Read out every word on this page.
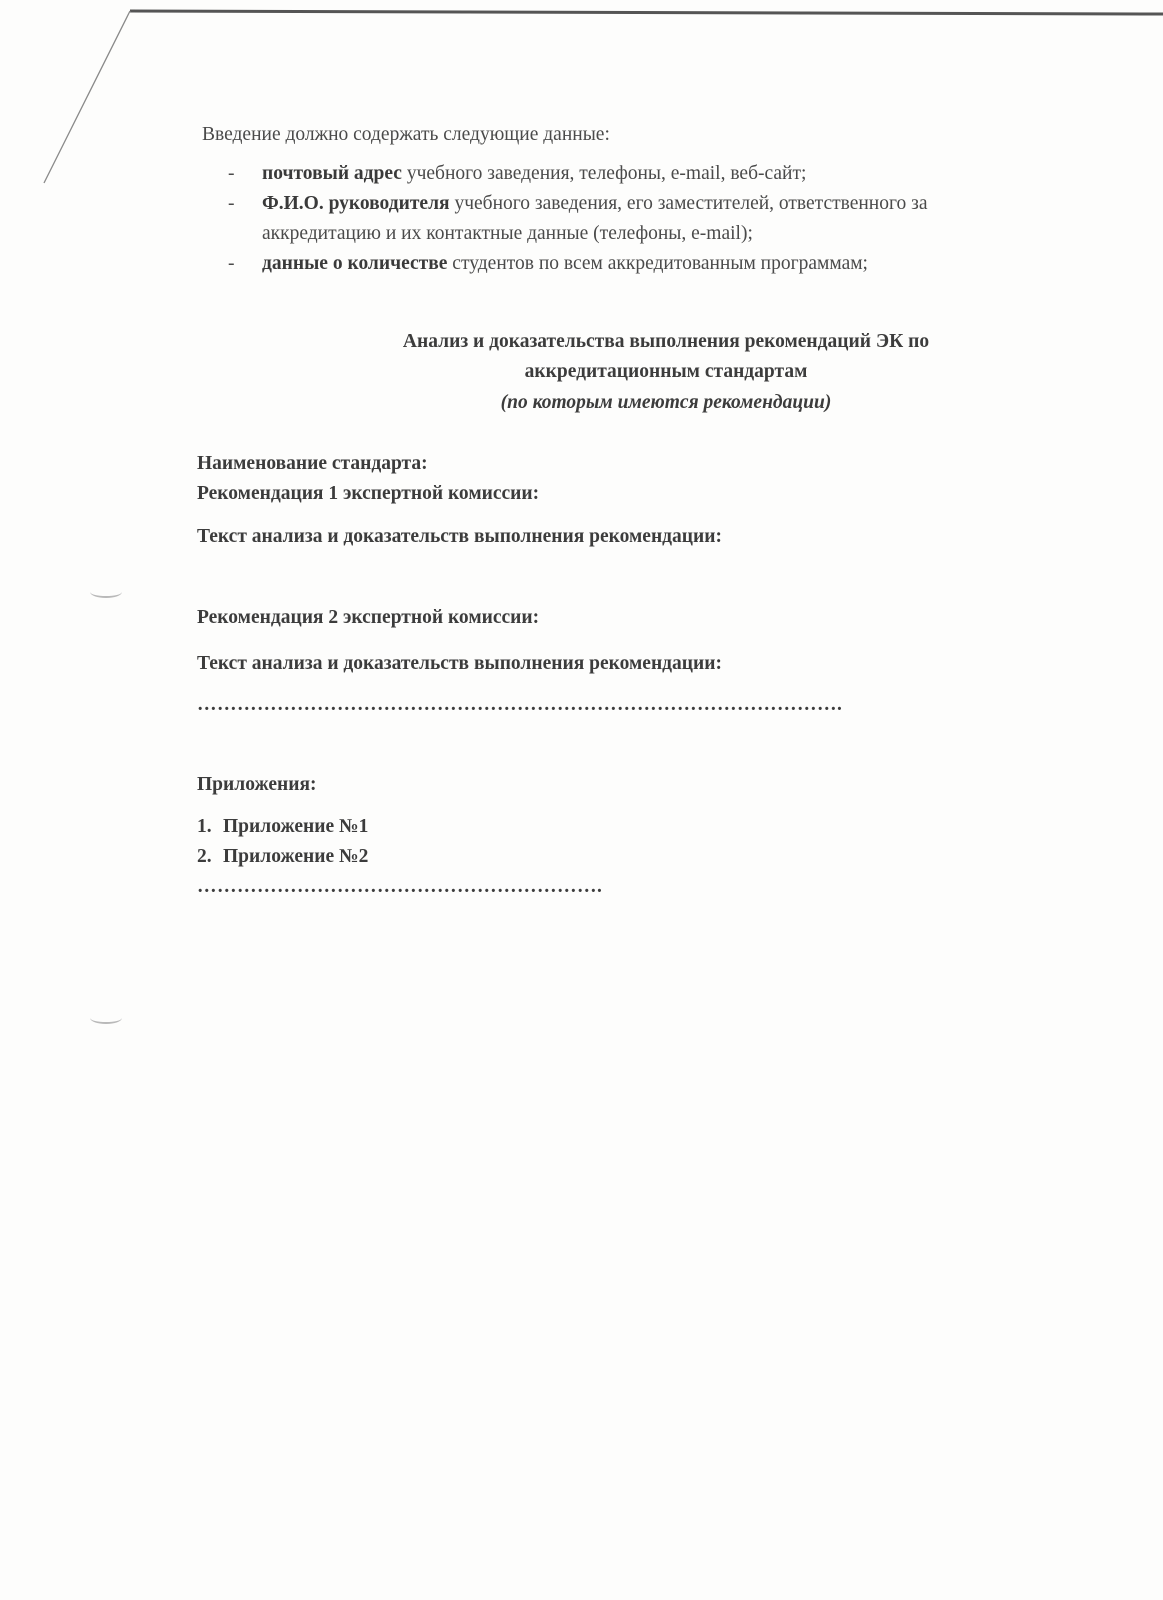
Введение должно содержать следующие данные:
- почтовый адрес учебного заведения, телефоны, e-mail, веб-сайт;
- Ф.И.О. руководителя учебного заведения, его заместителей, ответственного за аккредитацию и их контактные данные (телефоны, e-mail);
- данные о количестве студентов по всем аккредитованным программам;
Анализ и доказательства выполнения рекомендаций ЭК по
аккредитационным стандартам
(по которым имеются рекомендации)
Наименование стандарта:
Рекомендация 1 экспертной комиссии:
Текст анализа и доказательств выполнения рекомендации:
Рекомендация 2 экспертной комиссии:
Текст анализа и доказательств выполнения рекомендации:
…………………………………………………………………………………….
Приложения:
1. Приложение №1
2. Приложение №2
…………………………………………………….
